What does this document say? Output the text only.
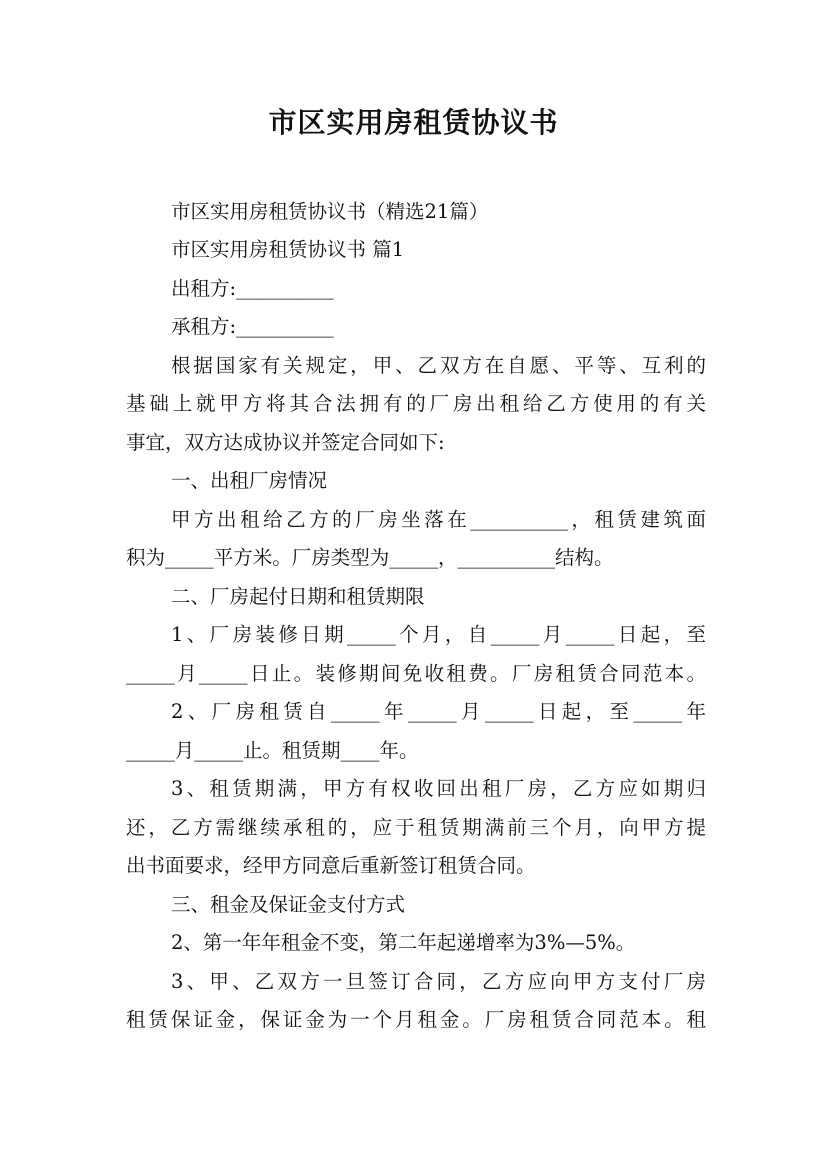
市区实用房租赁协议书
市区实用房租赁协议书（精选21篇）
市区实用房租赁协议书 篇1
出租方:__________
承租方:__________
根据国家有关规定，甲、乙双方在自愿、平等、互利的
基础上就甲方将其合法拥有的厂房出租给乙方使用的有关
事宜，双方达成协议并签定合同如下:
一、出租厂房情况
甲方出租给乙方的厂房坐落在__________，租赁建筑面
积为_____平方米。厂房类型为_____，__________结构。
二、厂房起付日期和租赁期限
1、厂房装修日期_____个月，自_____月_____日起，至
_____月_____日止。装修期间免收租费。厂房租赁合同范本。
2、厂房租赁自_____年_____月_____日起，至_____年
_____月_____止。租赁期____年。
3、租赁期满，甲方有权收回出租厂房，乙方应如期归
还，乙方需继续承租的，应于租赁期满前三个月，向甲方提
出书面要求，经甲方同意后重新签订租赁合同。
三、租金及保证金支付方式
2、第一年年租金不变，第二年起递增率为3%—5%。
3、甲、乙双方一旦签订合同，乙方应向甲方支付厂房
租赁保证金，保证金为一个月租金。厂房租赁合同范本。租
